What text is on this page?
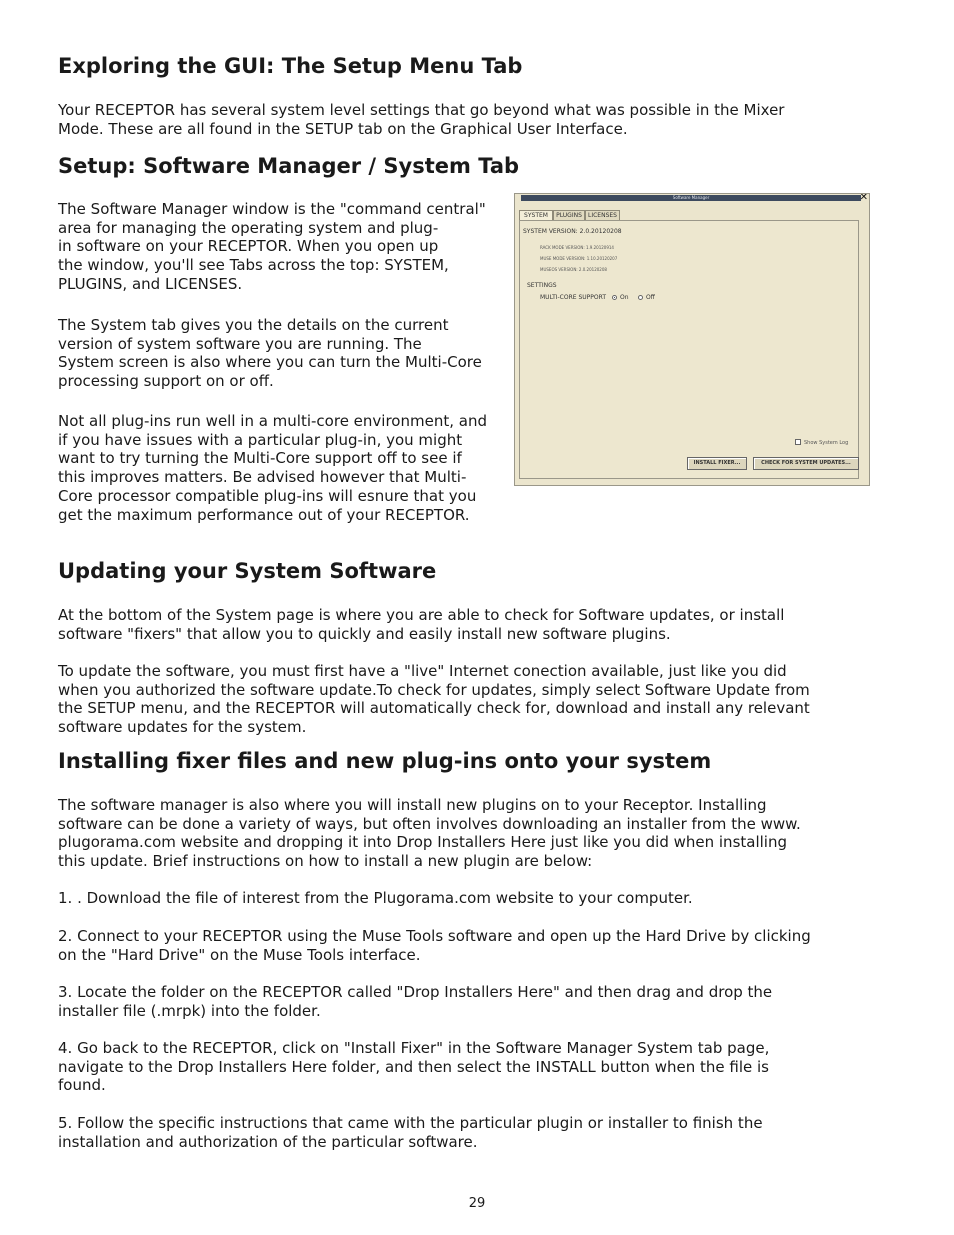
Exploring the GUI: The Setup Menu Tab

Your RECEPTOR has several system level settings that go beyond what was possible in the Mixer
Mode. These are all found in the SETUP tab on the Graphical User Interface.

Setup: Software Manager / System Tab

The Software Manager window is the "command central"
area for managing the operating system and plug-
in software on your RECEPTOR. When you open up
the window, you'll see Tabs across the top: SYSTEM,
PLUGINS, and LICENSES.

The System tab gives you the details on the current
version of system software you are running. The
System screen is also where you can turn the Multi-Core
processing support on or off.

Not all plug-ins run well in a multi-core environment, and
if you have issues with a particular plug-in, you might
want to try turning the Multi-Core support off to see if
this improves matters. Be advised however that Multi-
Core processor compatible plug-ins will esnure that you
get the maximum performance out of your RECEPTOR.

Software Manager	✕
SYSTEM	PLUGINS	LICENSES
SYSTEM VERSION: 2.0.20120208
RACK MODE VERSION: 1.9.20120914
MUSE MODE VERSION: 1.10.20120207
MUSEOS VERSION: 2.0.20120208
SETTINGS
MULTI-CORE SUPPORT On	Off
Show System Log
INSTALL FIXER...	CHECK FOR SYSTEM UPDATES...
Updating your System Software

At the bottom of the System page is where you are able to check for Software updates, or install
software "fixers" that allow you to quickly and easily install new software plugins.

To update the software, you must first have a "live" Internet conection available, just like you did
when you authorized the software update.To check for updates, simply select Software Update from
the SETUP menu, and the RECEPTOR will automatically check for, download and install any relevant
software updates for the system.

Installing fixer files and new plug-ins onto your system

The software manager is also where you will install new plugins on to your Receptor. Installing
software can be done a variety of ways, but often involves downloading an installer from the www.
plugorama.com website and dropping it into Drop Installers Here just like you did when installing
this update. Brief instructions on how to install a new plugin are below:

1. . Download the file of interest from the Plugorama.com website to your computer.

2. Connect to your RECEPTOR using the Muse Tools software and open up the Hard Drive by clicking
on the "Hard Drive" on the Muse Tools interface.

3. Locate the folder on the RECEPTOR called "Drop Installers Here" and then drag and drop the
installer file (.mrpk) into the folder.

4. Go back to the RECEPTOR, click on "Install Fixer" in the Software Manager System tab page,
navigate to the Drop Installers Here folder, and then select the INSTALL button when the file is
found.

5. Follow the specific instructions that came with the particular plugin or installer to finish the
installation and authorization of the particular software.

29
